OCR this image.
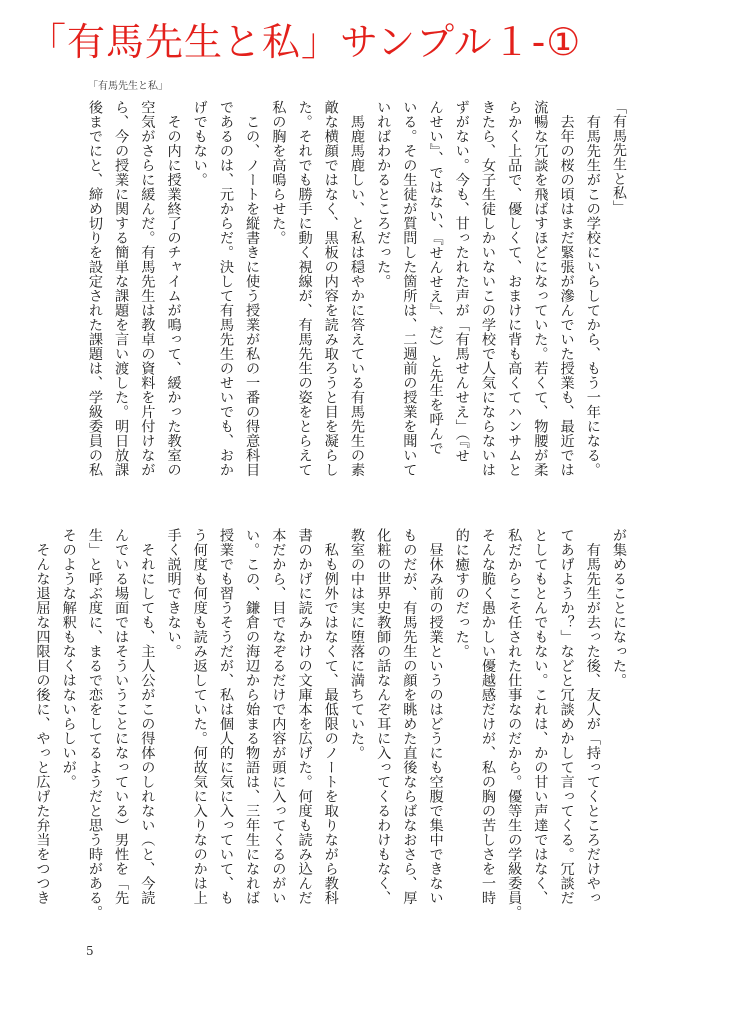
「有馬先生と私」サンプル１-①
「有馬先生と私」

「有馬先生と私」

　有馬先生がこの学校にいらしてから、もう一年になる。

　去年の桜の頃はまだ緊張が滲んでいた授業も、最近では

流暢な冗談を飛ばすほどになっていた。若くて、物腰が柔

らかく上品で、優しくて、おまけに背も高くてハンサムと

きたら、女子生徒しかいないこの学校で人気にならないは

ずがない。今も、甘ったれた声が「有馬せんせえ」（『せ

んせい』、ではない、『せんせえ』、だ）と先生を呼んで

いる。その生徒が質問した箇所は、二週前の授業を聞いて

いればわかるところだった。

　馬鹿馬鹿しい、と私は穏やかに答えている有馬先生の素

敵な横顔ではなく、黒板の内容を読み取ろうと目を凝らし

た。それでも勝手に動く視線が、有馬先生の姿をとらえて

私の胸を高鳴らせた。

　この、ノートを縦書きに使う授業が私の一番の得意科目

であるのは、元からだ。決して有馬先生のせいでも、おか

げでもない。

　その内に授業終了のチャイムが鳴って、緩かった教室の

空気がさらに緩んだ。有馬先生は教卓の資料を片付けなが

ら、今の授業に関する簡単な課題を言い渡した。明日放課

後までにと、締め切りを設定された課題は、学級委員の私

が集めることになった。

　有馬先生が去った後、友人が「持ってくところだけやっ

てあげようか？」などと冗談めかして言ってくる。冗談だ

としてもとんでもない。これは、かの甘い声達ではなく、

私だからこそ任された仕事なのだから。優等生の学級委員。

そんな脆く愚かしい優越感だけが、私の胸の苦しさを一時

的に癒すのだった。

　昼休み前の授業というのはどうにも空腹で集中できない

ものだが、有馬先生の顔を眺めた直後ならばなおさら、厚

化粧の世界史教師の話なんぞ耳に入ってくるわけもなく、

教室の中は実に堕落に満ちていた。

　私も例外ではなくて、最低限のノートを取りながら教科

書のかげに読みかけの文庫本を広げた。何度も読み込んだ

本だから、目でなぞるだけで内容が頭に入ってくるのがい

い。この、鎌倉の海辺から始まる物語は、三年生になれば

授業でも習うそうだが、私は個人的に気に入っていて、も

う何度も何度も読み返していた。何故気に入りなのかは上

手く説明できない。

　それにしても、主人公がこの得体のしれない（と、今読

んでいる場面ではそういうことになっている）男性を「先

生」と呼ぶ度に、まるで恋をしてるようだと思う時がある。

そのような解釈もなくはないらしいが。

　そんな退屈な四限目の後に、やっと広げた弁当をつつき

5
